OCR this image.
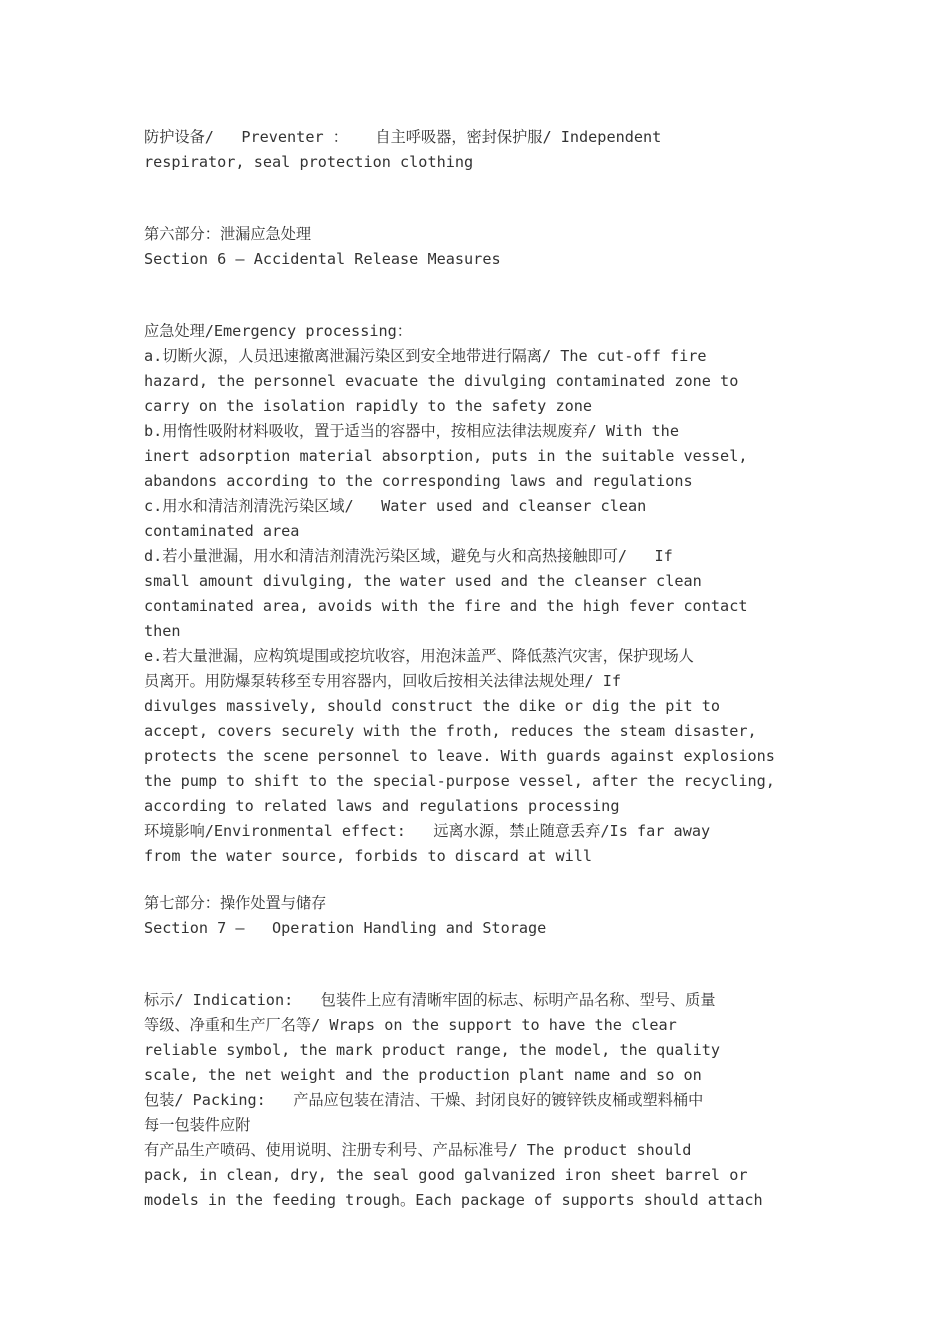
防护设备/   Preventer ：   自主呼吸器，密封保护服/ Independent
respirator, seal protection clothing
第六部分：泄漏应急处理
Section 6 – Accidental Release Measures
应急处理/Emergency processing：
a.切断火源，人员迅速撤离泄漏污染区到安全地带进行隔离/ The cut-off fire
hazard, the personnel evacuate the divulging contaminated zone to
carry on the isolation rapidly to the safety zone
b.用惰性吸附材料吸收，置于适当的容器中，按相应法律法规废弃/ With the
inert adsorption material absorption, puts in the suitable vessel,
abandons according to the corresponding laws and regulations
c.用水和清洁剂清洗污染区域/   Water used and cleanser clean
contaminated area
d.若小量泄漏，用水和清洁剂清洗污染区域，避免与火和高热接触即可/   If
small amount divulging, the water used and the cleanser clean
contaminated area, avoids with the fire and the high fever contact
then
e.若大量泄漏，应构筑堤围或挖坑收容，用泡沫盖严、降低蒸汽灾害，保护现场人
员离开。用防爆泵转移至专用容器内，回收后按相关法律法规处理/ If
divulges massively, should construct the dike or dig the pit to
accept, covers securely with the froth, reduces the steam disaster,
protects the scene personnel to leave. With guards against explosions
the pump to shift to the special-purpose vessel, after the recycling,
according to related laws and regulations processing
环境影响/Environmental effect:   远离水源，禁止随意丢弃/Is far away
from the water source, forbids to discard at will
第七部分：操作处置与储存
Section 7 –   Operation Handling and Storage
标示/ Indication:   包装件上应有清晰牢固的标志、标明产品名称、型号、质量
等级、净重和生产厂名等/ Wraps on the support to have the clear
reliable symbol, the mark product range, the model, the quality
scale, the net weight and the production plant name and so on
包装/ Packing:   产品应包装在清洁、干燥、封闭良好的镀锌铁皮桶或塑料桶中
每一包装件应附
有产品生产喷码、使用说明、注册专利号、产品标准号/ The product should
pack, in clean, dry, the seal good galvanized iron sheet barrel or
models in the feeding trough。Each package of supports should attach
